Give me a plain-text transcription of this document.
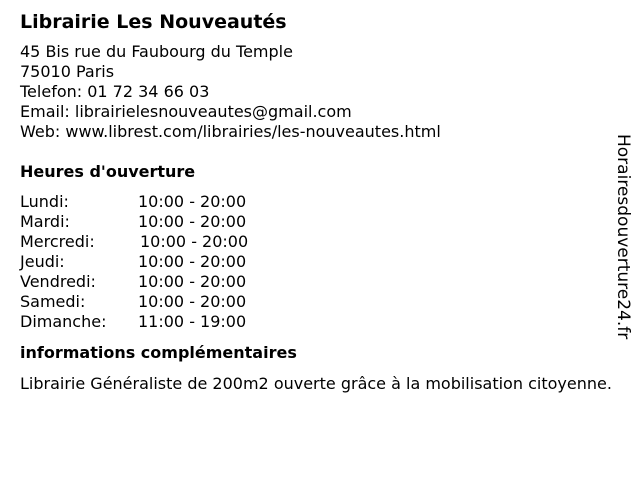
Librairie Les Nouveautés
45 Bis rue du Faubourg du Temple
75010 Paris
Telefon: 01 72 34 66 03
Email: librairielesnouveautes@gmail.com
Web: www.librest.com/librairies/les-nouveautes.html
Heures d'ouverture
Lundi:	10:00 - 20:00
Mardi:	10:00 - 20:00
Mercredi:	10:00 - 20:00
Jeudi:	10:00 - 20:00
Vendredi:	10:00 - 20:00
Samedi:	10:00 - 20:00
Dimanche: 11:00 - 19:00
informations complémentaires
Librairie Généraliste de 200m2 ouverte grâce à la mobilisation citoyenne.
Horairesdouverture24.fr
